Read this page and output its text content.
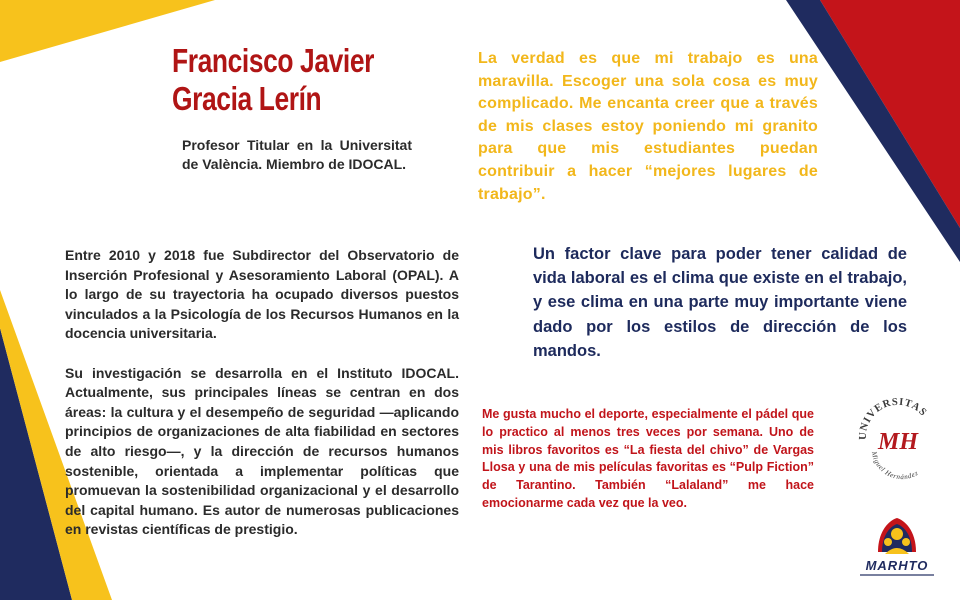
Francisco Javier
Gracia Lerín
Profesor Titular en la Universitat de València. Miembro de IDOCAL.
La verdad es que mi trabajo es una maravilla. Escoger una sola cosa es muy complicado. Me encanta creer que a través de mis clases estoy poniendo mi granito para que mis estudiantes puedan contribuir a hacer “mejores lugares de trabajo”.

Entre 2010 y 2018 fue Subdirector del Observatorio de Inserción Profesional y Asesoramiento Laboral (OPAL). A lo largo de su trayectoria ha ocupado diversos puestos vinculados a la Psicología de los Recursos Humanos en la docencia universitaria.

Su investigación se desarrolla en el Instituto IDOCAL. Actualmente, sus principales líneas se centran en dos áreas: la cultura y el desempeño de seguridad —aplicando principios de organizaciones de alta fiabilidad en sectores de alto riesgo—, y la dirección de recursos humanos sostenible, orientada a implementar políticas que promuevan la sostenibilidad organizacional y el desarrollo del capital humano. Es autor de numerosas publicaciones en revistas científicas de prestigio.

Un factor clave para poder tener calidad de vida laboral es el clima que existe en el trabajo, y ese clima en una parte muy importante viene dado por los estilos de dirección de los mandos.
Me gusta mucho el deporte, especialmente el pádel que lo practico al menos tres veces por semana. Uno de mis libros favoritos es “La fiesta del chivo” de Vargas Llosa y una de mis películas favoritas es “Pulp Fiction” de Tarantino. También “Lalaland” me hace emocionarme cada vez que la veo.
UNIVERSITAS
Miguel Hernández
MH
MARHTO
